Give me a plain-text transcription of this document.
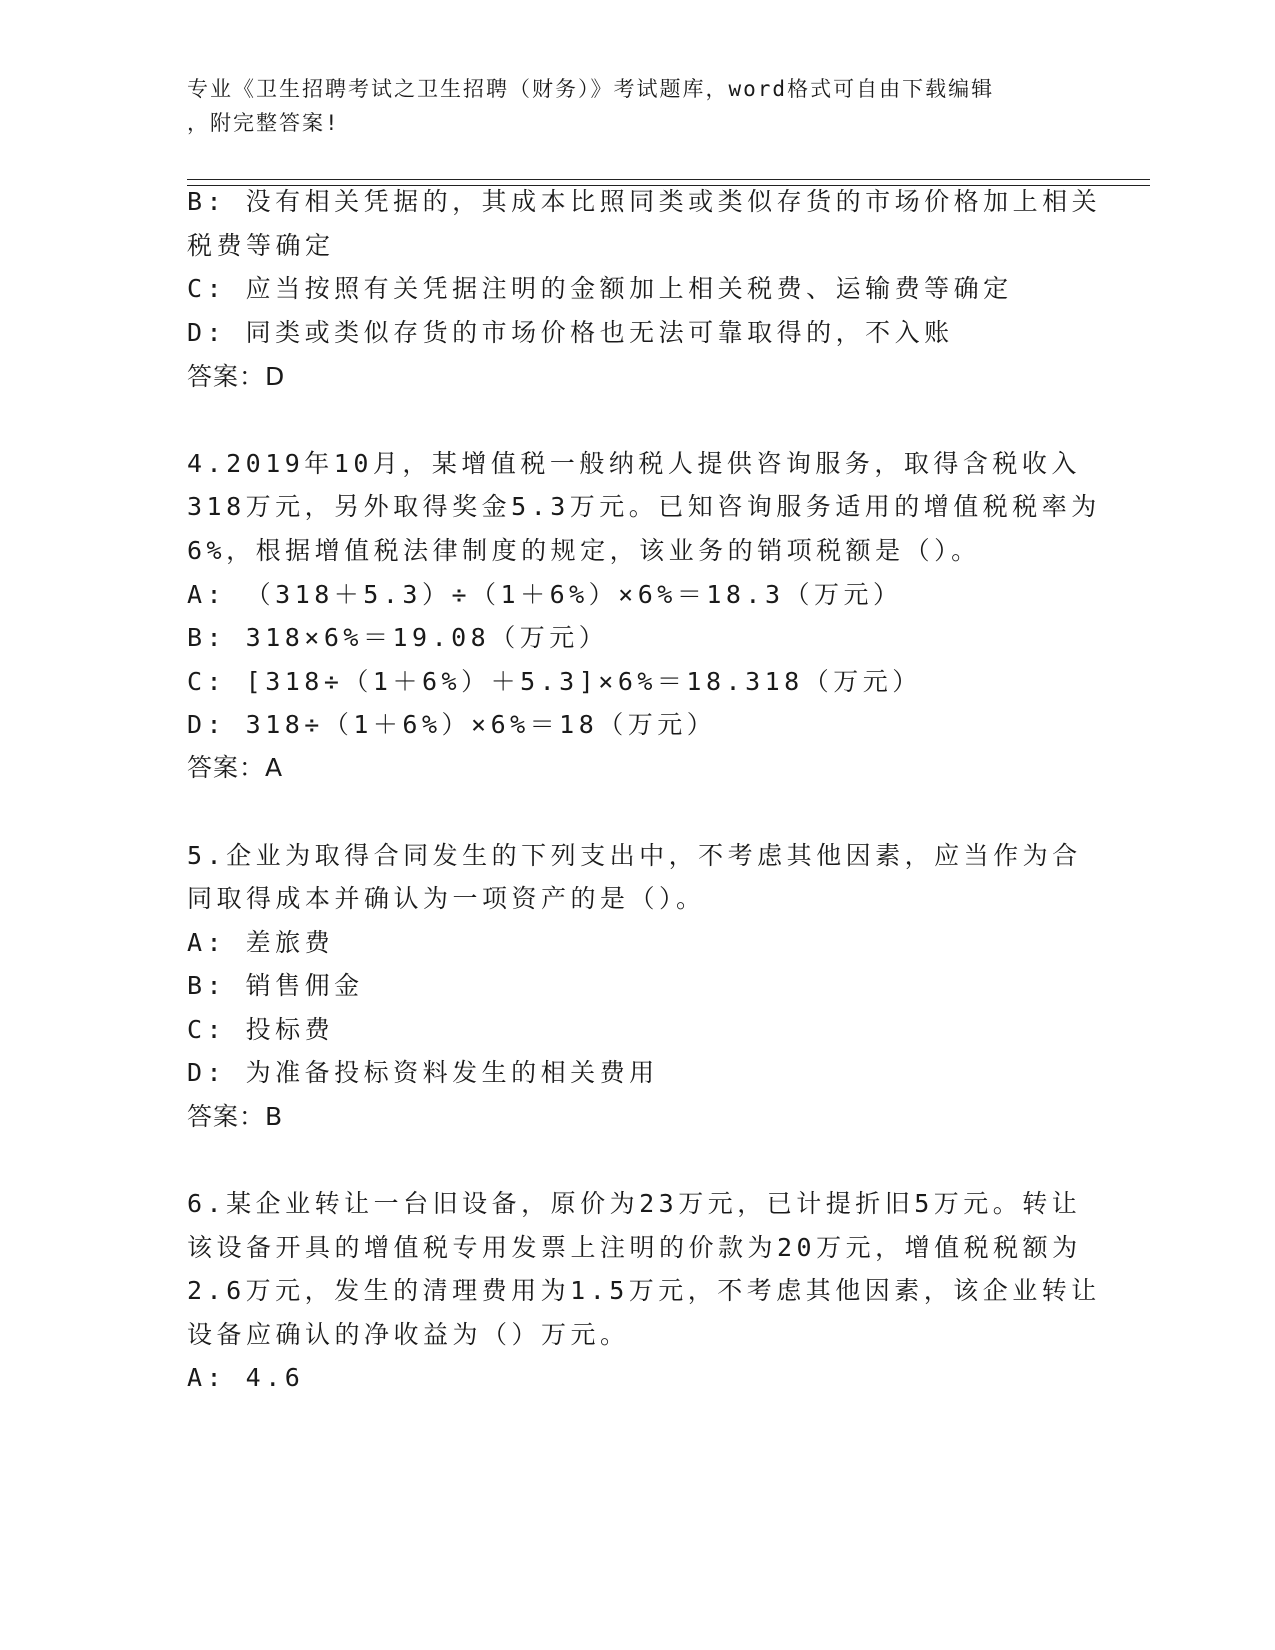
专业《卫生招聘考试之卫生招聘（财务）》考试题库，word格式可自由下载编辑
，附完整答案!
B: 没有相关凭据的，其成本比照同类或类似存货的市场价格加上相关
税费等确定
C: 应当按照有关凭据注明的金额加上相关税费、运输费等确定
D: 同类或类似存货的市场价格也无法可靠取得的，不入账
答案：D
4.2019年10月，某增值税一般纳税人提供咨询服务，取得含税收入
318万元，另外取得奖金5.3万元。已知咨询服务适用的增值税税率为
6%，根据增值税法律制度的规定，该业务的销项税额是（）。
A: （318＋5.3）÷（1＋6%）×6%＝18.3（万元）
B: 318×6%＝19.08（万元）
C: [318÷（1＋6%）＋5.3]×6%＝18.318（万元）
D: 318÷（1＋6%）×6%＝18（万元）
答案：A
5.企业为取得合同发生的下列支出中，不考虑其他因素，应当作为合
同取得成本并确认为一项资产的是（）。
A: 差旅费
B: 销售佣金
C: 投标费
D: 为准备投标资料发生的相关费用
答案：B
6.某企业转让一台旧设备，原价为23万元，已计提折旧5万元。转让
该设备开具的增值税专用发票上注明的价款为20万元，增值税税额为
2.6万元，发生的清理费用为1.5万元，不考虑其他因素，该企业转让
设备应确认的净收益为（）万元。
A: 4.6
